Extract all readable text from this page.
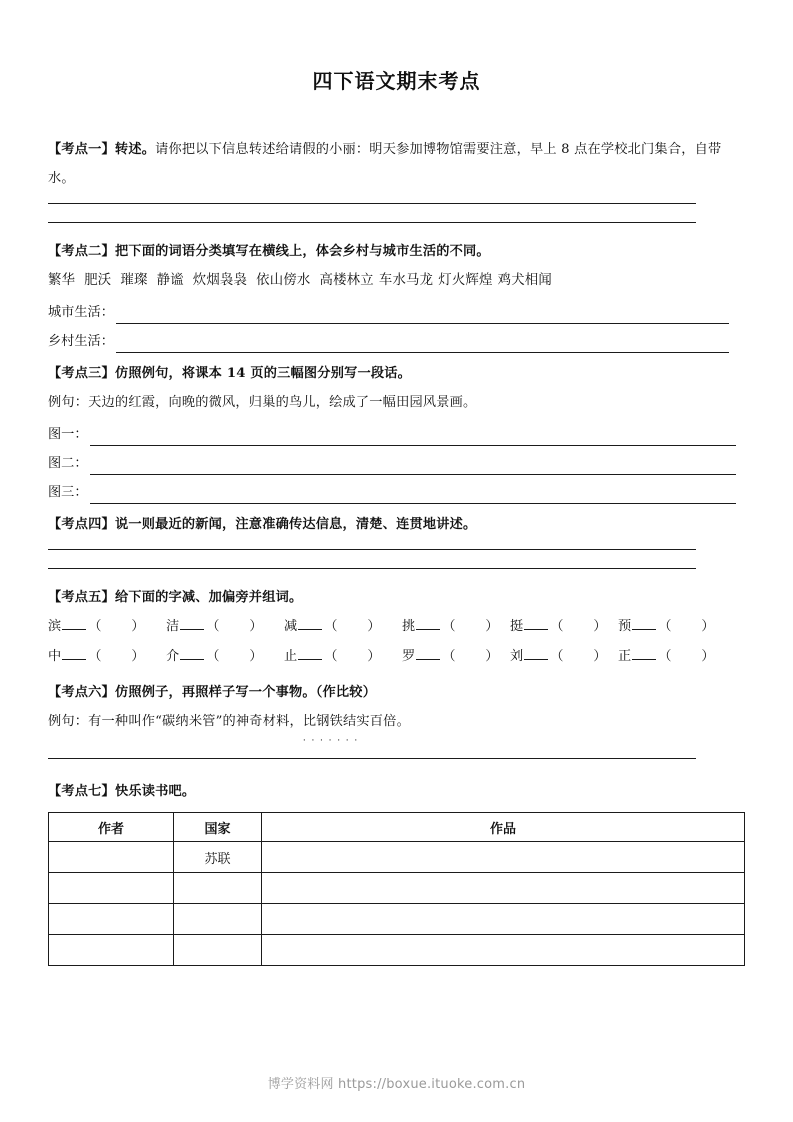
四下语文期末考点
【考点一】转述。请你把以下信息转述给请假的小丽：明天参加博物馆需要注意，早上 8 点在学校北门集合，自带水。
【考点二】把下面的词语分类填写在横线上，体会乡村与城市生活的不同。
繁华 肥沃 璀璨 静谧 炊烟袅袅 依山傍水 高楼林立 车水马龙 灯火辉煌 鸡犬相闻
城市生活：
乡村生活：
【考点三】仿照例句，将课本 14 页的三幅图分别写一段话。
例句：天边的红霞，向晚的微风，归巢的鸟儿，绘成了一幅田园风景画。
图一：
图二：
图三：
【考点四】说一则最近的新闻，注意准确传达信息，清楚、连贯地讲述。
【考点五】给下面的字减、加偏旁并组词。
滨 （ ） 洁 （ ） 减 （ ） 挑 （ ） 挺 （ ） 预 （ ）
中 （ ） 介 （ ） 止 （ ） 罗 （ ） 刘 （ ） 正 （ ）
【考点六】仿照例子，再照样子写一个事物。（作比较）
例句：有一种叫作“碳纳米管”的神奇材料，比钢铁结实百倍
·  ·  ·  ·  ·  ·  ·
。
【考点七】快乐读书吧。
作者	国家	作品
	苏联	

博学资料网 https://boxue.ituoke.com.cn
